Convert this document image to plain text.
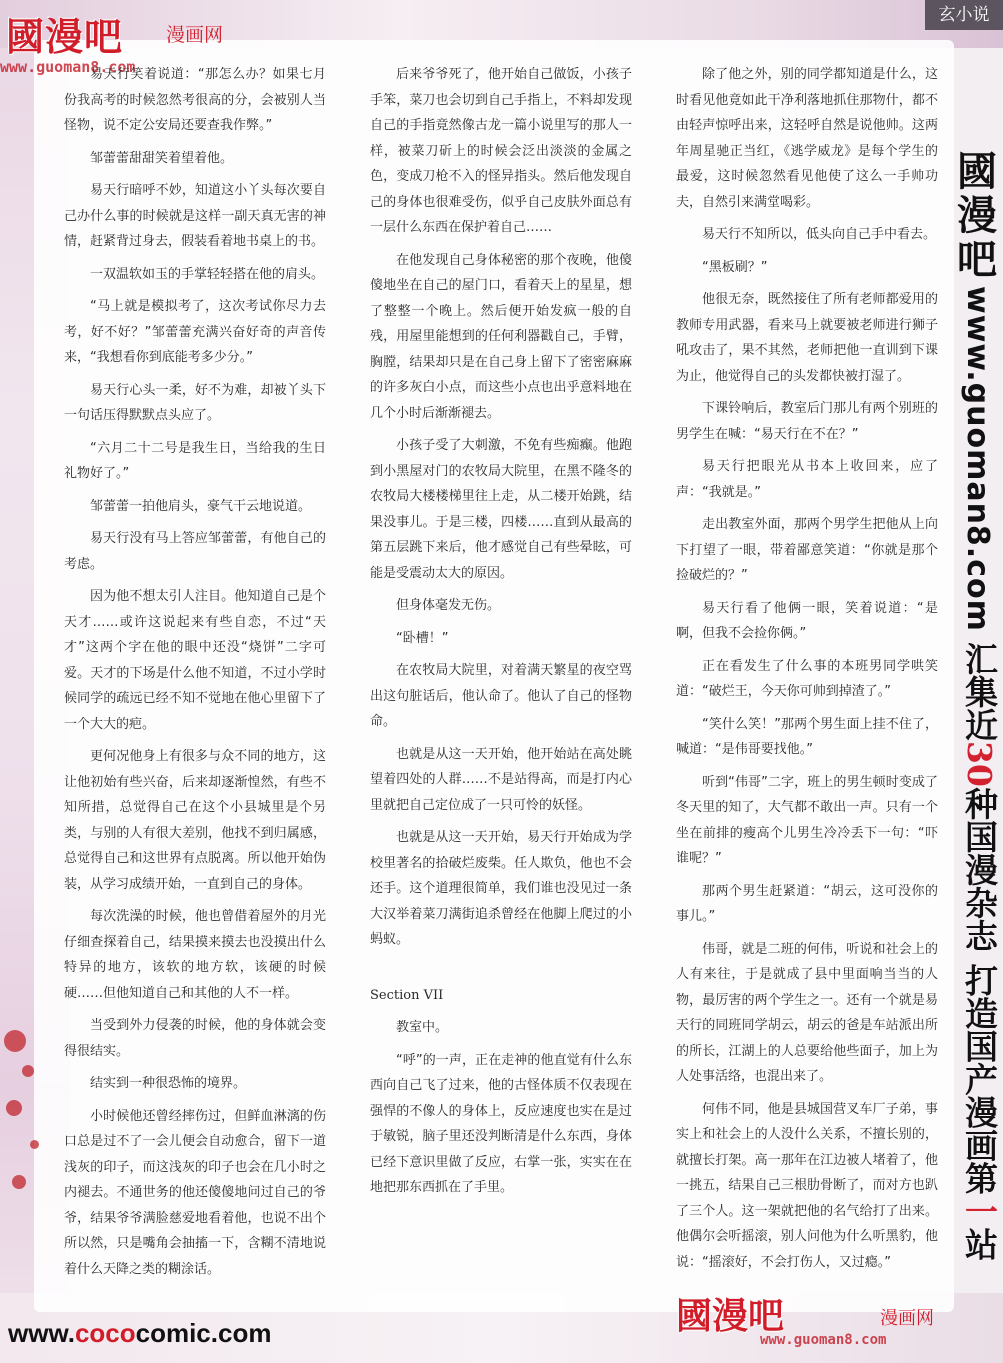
國漫吧 漫画网
www.guoman8.com
玄小说
國
漫
吧
www.guoman8.com
汇集近30种国漫杂志 打造国产漫画第一站

易天行笑着说道：“那怎么办？如果七月份我高考的时候忽然考很高的分，会被别人当怪物，说不定公安局还要查我作弊。”

邹蕾蕾甜甜笑着望着他。

易天行暗呼不妙，知道这小丫头每次要自己办什么事的时候就是这样一副天真无害的神情，赶紧背过身去，假装看着地书桌上的书。

一双温软如玉的手掌轻轻搭在他的肩头。

“马上就是模拟考了，这次考试你尽力去考，好不好？”邹蕾蕾充满兴奋好奇的声音传来，“我想看你到底能考多少分。”

易天行心头一柔，好不为难，却被丫头下一句话压得默默点头应了。

“六月二十二号是我生日，当给我的生日礼物好了。”

邹蕾蕾一拍他肩头，豪气干云地说道。

易天行没有马上答应邹蕾蕾，有他自己的考虑。

因为他不想太引人注目。他知道自己是个天才……或许这说起来有些自恋，不过“天才”这两个字在他的眼中还没“烧饼”二字可爱。天才的下场是什么他不知道，不过小学时候同学的疏远已经不知不觉地在他心里留下了一个大大的疤。

更何况他身上有很多与众不同的地方，这让他初始有些兴奋，后来却逐渐惶然，有些不知所措，总觉得自己在这个小县城里是个另类，与别的人有很大差别，他找不到归属感，总觉得自己和这世界有点脱离。所以他开始伪装，从学习成绩开始，一直到自己的身体。

每次洗澡的时候，他也曾借着屋外的月光仔细查探着自己，结果摸来摸去也没摸出什么特异的地方，该软的地方软，该硬的时候硬……但他知道自己和其他的人不一样。

当受到外力侵袭的时候，他的身体就会变得很结实。

结实到一种很恐怖的境界。

小时候他还曾经摔伤过，但鲜血淋漓的伤口总是过不了一会儿便会自动愈合，留下一道浅灰的印子，而这浅灰的印子也会在几小时之内褪去。不通世务的他还傻傻地问过自己的爷爷，结果爷爷满脸慈爱地看着他，也说不出个所以然，只是嘴角会抽搐一下，含糊不清地说着什么天降之类的糊涂话。

后来爷爷死了，他开始自己做饭，小孩子手笨，菜刀也会切到自己手指上，不料却发现自己的手指竟然像古龙一篇小说里写的那人一样，被菜刀斫上的时候会泛出淡淡的金属之色，变成刀枪不入的怪异指头。然后他发现自己的身体也很难受伤，似乎自己皮肤外面总有一层什么东西在保护着自己……

在他发现自己身体秘密的那个夜晚，他傻傻地坐在自己的屋门口，看着天上的星星，想了整整一个晚上。然后便开始发疯一般的自残，用屋里能想到的任何利器戳自己，手臂，胸膛，结果却只是在自己身上留下了密密麻麻的许多灰白小点，而这些小点也出乎意料地在几个小时后渐渐褪去。

小孩子受了大刺激，不免有些痴癫。他跑到小黑屋对门的农牧局大院里，在黑不隆冬的农牧局大楼楼梯里往上走，从二楼开始跳，结果没事儿。于是三楼，四楼……直到从最高的第五层跳下来后，他才感觉自己有些晕眩，可能是受震动太大的原因。

但身体毫发无伤。

“卧槽！”

在农牧局大院里，对着满天繁星的夜空骂出这句脏话后，他认命了。他认了自己的怪物命。

也就是从这一天开始，他开始站在高处眺望着四处的人群……不是站得高，而是打内心里就把自己定位成了一只可怜的妖怪。

也就是从这一天开始，易天行开始成为学校里著名的拾破烂废柴。任人欺负，他也不会还手。这个道理很简单，我们谁也没见过一条大汉举着菜刀满街追杀曾经在他脚上爬过的小蚂蚁。

Section VII

教室中。

“呼”的一声，正在走神的他直觉有什么东西向自己飞了过来，他的古怪体质不仅表现在强悍的不像人的身体上，反应速度也实在是过于敏锐，脑子里还没判断清是什么东西，身体已经下意识里做了反应，右掌一张，实实在在地把那东西抓在了手里。

除了他之外，别的同学都知道是什么，这时看见他竟如此干净利落地抓住那物什，都不由轻声惊呼出来，这轻呼自然是说他帅。这两年周星驰正当红，《逃学威龙》是每个学生的最爱，这时候忽然看见他使了这么一手帅功夫，自然引来满堂喝彩。

易天行不知所以，低头向自己手中看去。

“黑板刷？”

他很无奈，既然接住了所有老师都爱用的教师专用武器，看来马上就要被老师进行狮子吼攻击了，果不其然，老师把他一直训到下课为止，他觉得自己的头发都快被打湿了。

下课铃响后，教室后门那儿有两个别班的男学生在喊：“易天行在不在？”

易天行把眼光从书本上收回来，应了声：“我就是。”

走出教室外面，那两个男学生把他从上向下打望了一眼，带着鄙意笑道：“你就是那个捡破烂的？”

易天行看了他俩一眼，笑着说道：“是啊，但我不会捡你俩。”

正在看发生了什么事的本班男同学哄笑道：“破烂王，今天你可帅到掉渣了。”

“笑什么笑！”那两个男生面上挂不住了，喊道：“是伟哥要找他。”

听到“伟哥”二字，班上的男生顿时变成了冬天里的知了，大气都不敢出一声。只有一个坐在前排的瘦高个儿男生冷冷丢下一句：“吓谁呢？”

那两个男生赶紧道：“胡云，这可没你的事儿。”

伟哥，就是二班的何伟，听说和社会上的人有来往，于是就成了县中里面响当当的人物，最厉害的两个学生之一。还有一个就是易天行的同班同学胡云，胡云的爸是车站派出所的所长，江湖上的人总要给他些面子，加上为人处事活络，也混出来了。

何伟不同，他是县城国营叉车厂子弟，事实上和社会上的人没什么关系，不擅长别的，就擅长打架。高一那年在江边被人堵着了，他一挑五，结果自己三根肋骨断了，而对方也趴了三个人。这一架就把他的名气给打了出来。他偶尔会听摇滚，别人问他为什么听黑豹，他说：“摇滚好，不会打伤人，又过瘾。”

國漫吧	漫画网
www.guoman8.com
www.cococomic.com
